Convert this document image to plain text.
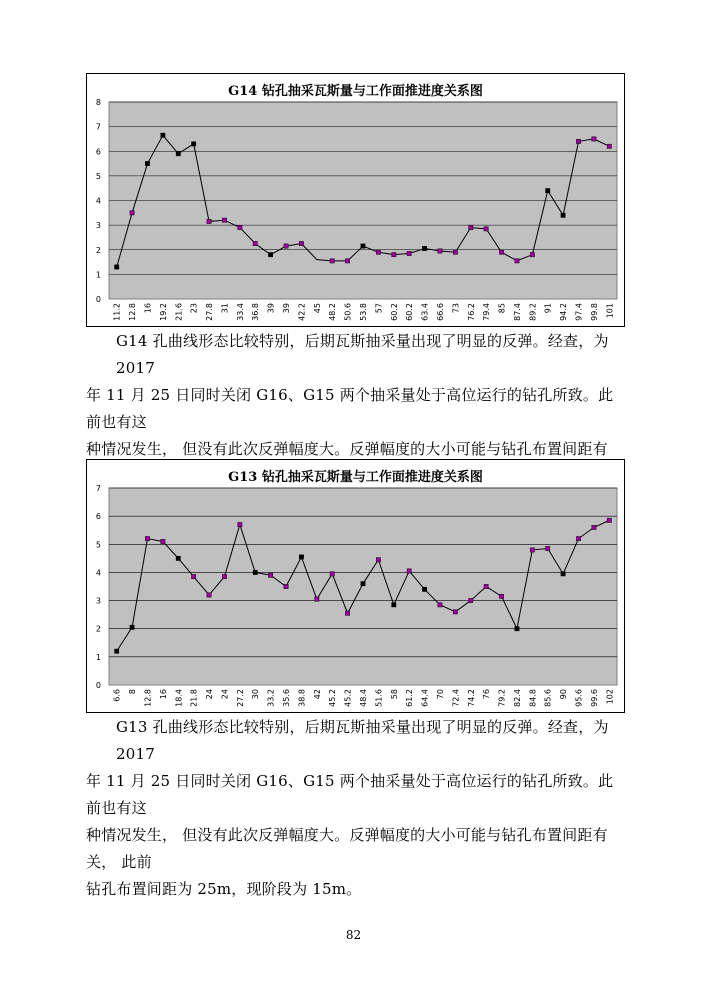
G14 钻孔抽采瓦斯量与工作面推进度关系图
0
1
2
3
4
5
6
7
8
11.2 12.8 16 19.2 21.6 23 27.8 31 33.4 36.8 39 39 42.2 45 48.2 50.6 53.8 57 60.2 60.2 63.4 66.6 73 76.2 79.4 85 87.4 89.2 91 94.2 97.4 99.8 101

G14 孔曲线形态比较特别，后期瓦斯抽采量出现了明显的反弹。经查，为 2017

年 11 月 25 日同时关闭 G16、G15 两个抽采量处于高位运行的钻孔所致。此前也有这

种情况发生， 但没有此次反弹幅度大。反弹幅度的大小可能与钻孔布置间距有

G13 钻孔抽采瓦斯量与工作面推进度关系图
0
1
2
3
4
5
6
7
6.6 8 12.8 16 18.4 21.8 24 24 27.2 30 33.2 35.6 38.8 42 45.2 45.2 48.4 51.6 58 61.2 64.4 70 72.4 74.2 76 79.2 82.4 84.8 85.6 90 95.6 99.6 102

G13 孔曲线形态比较特别，后期瓦斯抽采量出现了明显的反弹。经查，为 2017

年 11 月 25 日同时关闭 G16、G15 两个抽采量处于高位运行的钻孔所致。此前也有这

种情况发生， 但没有此次反弹幅度大。反弹幅度的大小可能与钻孔布置间距有关， 此前

钻孔布置间距为 25m，现阶段为 15m。

82
